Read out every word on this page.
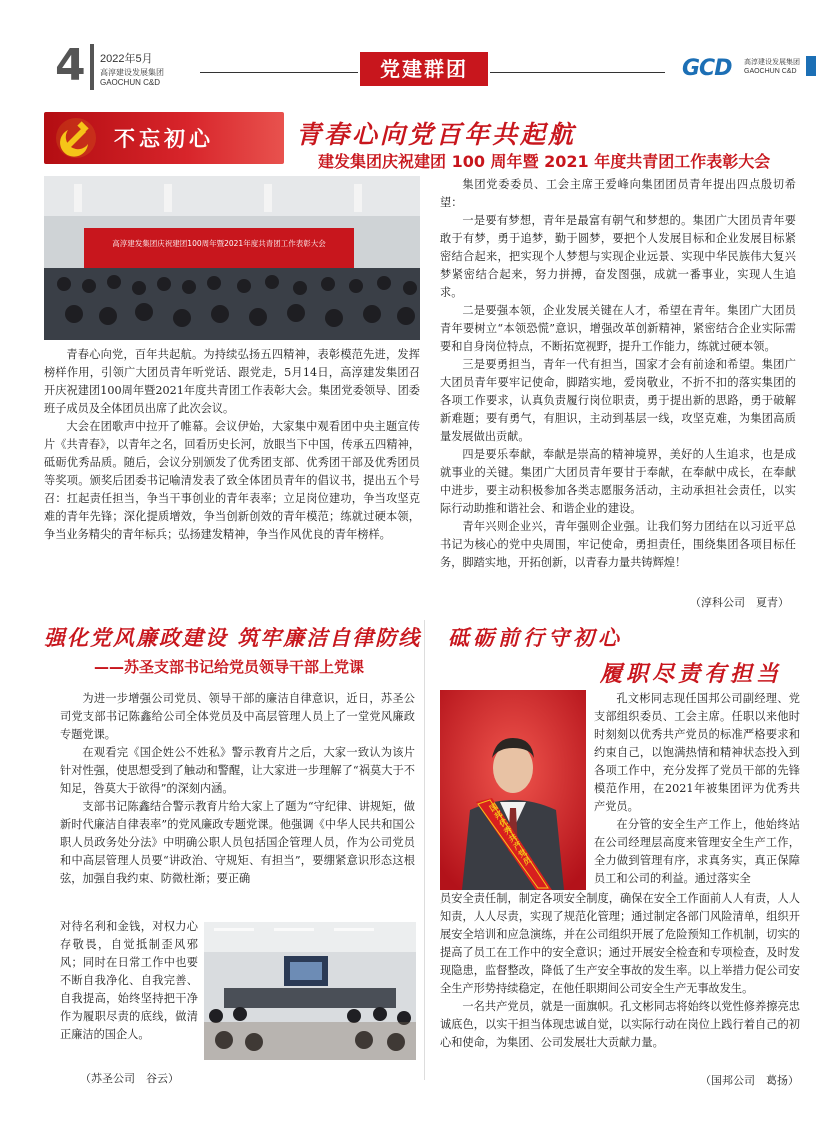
4 2022年5月
高淳建设发展集团
GAOCHUN C&D
党建群团	GCD 高淳建设发展集团
GAOCHUN C&D
不忘初心	青春心向党百年共起航
建发集团庆祝建团 100 周年暨 2021 年度共青团工作表彰大会
高淳建发集团庆祝建团100周年暨2021年度共青团工作表彰大会

青春心向党，百年共起航。为持续弘扬五四精神，表彰模范先进，发挥榜样作用，引领广大团员青年听党话、跟党走，5月14日，高淳建发集团召开庆祝建团100周年暨2021年度共青团工作表彰大会。集团党委领导、团委班子成员及全体团员出席了此次会议。

大会在团歌声中拉开了帷幕。会议伊始，大家集中观看团中央主题宣传片《共青春》，以青年之名，回看历史长河，放眼当下中国，传承五四精神，砥砺优秀品质。随后，会议分别颁发了优秀团支部、优秀团干部及优秀团员等奖项。颁奖后团委书记喻清发表了致全体团员青年的倡议书，提出五个号召：扛起责任担当，争当干事创业的青年表率；立足岗位建功，争当攻坚克难的青年先锋；深化提质增效，争当创新创效的青年模范；练就过硬本领，争当业务精尖的青年标兵；弘扬建发精神，争当作风优良的青年榜样。

集团党委委员、工会主席王爱峰向集团团员青年提出四点殷切希望：

一是要有梦想，青年是最富有朝气和梦想的。集团广大团员青年要敢于有梦，勇于追梦，勤于圆梦，要把个人发展目标和企业发展目标紧密结合起来，把实现个人梦想与实现企业远景、实现中华民族伟大复兴梦紧密结合起来，努力拼搏，奋发图强，成就一番事业，实现人生追求。

二是要强本领，企业发展关键在人才，希望在青年。集团广大团员青年要树立“本领恐慌”意识，增强改革创新精神，紧密结合企业实际需要和自身岗位特点，不断拓宽视野，提升工作能力，练就过硬本领。

三是要勇担当，青年一代有担当，国家才会有前途和希望。集团广大团员青年要牢记使命，脚踏实地，爱岗敬业，不折不扣的落实集团的各项工作要求，认真负责履行岗位职责，勇于提出新的思路，勇于破解新难题；要有勇气，有胆识，主动到基层一线，攻坚克难，为集团高质量发展做出贡献。

四是要乐奉献，奉献是崇高的精神境界，美好的人生追求，也是成就事业的关键。集团广大团员青年要甘于奉献，在奉献中成长，在奉献中进步，要主动积极参加各类志愿服务活动，主动承担社会责任，以实际行动助推和谐社会、和谐企业的建设。

青年兴则企业兴，青年强则企业强。让我们努力团结在以习近平总书记为核心的党中央周围，牢记使命，勇担责任，围绕集团各项目标任务，脚踏实地，开拓创新，以青春力量共铸辉煌！

（淳科公司　夏青）
强化党风廉政建设 筑牢廉洁自律防线
——苏圣支部书记给党员领导干部上党课

为进一步增强公司党员、领导干部的廉洁自律意识，近日，苏圣公司党支部书记陈鑫给公司全体党员及中高层管理人员上了一堂党风廉政专题党课。

在观看完《国企姓公不姓私》警示教育片之后，大家一致认为该片针对性强，使思想受到了触动和警醒，让大家进一步理解了“祸莫大于不知足，咎莫大于欲得”的深刻内涵。

支部书记陈鑫结合警示教育片给大家上了题为“守纪律、讲规矩，做新时代廉洁自律表率”的党风廉政专题党课。他强调《中华人民共和国公职人员政务处分法》中明确公职人员包括国企管理人员，作为公司党员和中高层管理人员要“讲政治、守规矩、有担当”，要绷紧意识形态这根弦，加强自我约束、防微杜渐；要正确

对待名利和金钱，对权力心存敬畏，自觉抵制歪风邪风；同时在日常工作中也要不断自我净化、自我完善、自我提高，始终坚持把干净作为履职尽责的底线，做清正廉洁的国企人。

（苏圣公司　谷云）
砥砺前行守初心
履职尽责有担当
国邦优秀共产党员

孔文彬同志现任国邦公司副经理、党支部组织委员、工会主席。任职以来他时时刻刻以优秀共产党员的标准严格要求和约束自己，以饱满热情和精神状态投入到各项工作中，充分发挥了党员干部的先锋模范作用，在2021年被集团评为优秀共产党员。

在分管的安全生产工作上，他始终站在公司经理层高度来管理安全生产工作，全力做到管理有序，求真务实，真正保障员工和公司的利益。通过落实全

员安全责任制，制定各项安全制度，确保在安全工作面前人人有责，人人知责，人人尽责，实现了规范化管理；通过制定各部门风险清单，组织开展安全培训和应急演练，并在公司组织开展了危险预知工作机制，切实的提高了员工在工作中的安全意识；通过开展安全检查和专项检查，及时发现隐患，监督整改，降低了生产安全事故的发生率。以上举措力促公司安全生产形势持续稳定，在他任职期间公司安全生产无事故发生。

一名共产党员，就是一面旗帜。孔文彬同志将始终以党性修养擦亮忠诚底色，以实干担当体现忠诚自觉，以实际行动在岗位上践行着自己的初心和使命，为集团、公司发展壮大贡献力量。

（国邦公司　葛扬）
